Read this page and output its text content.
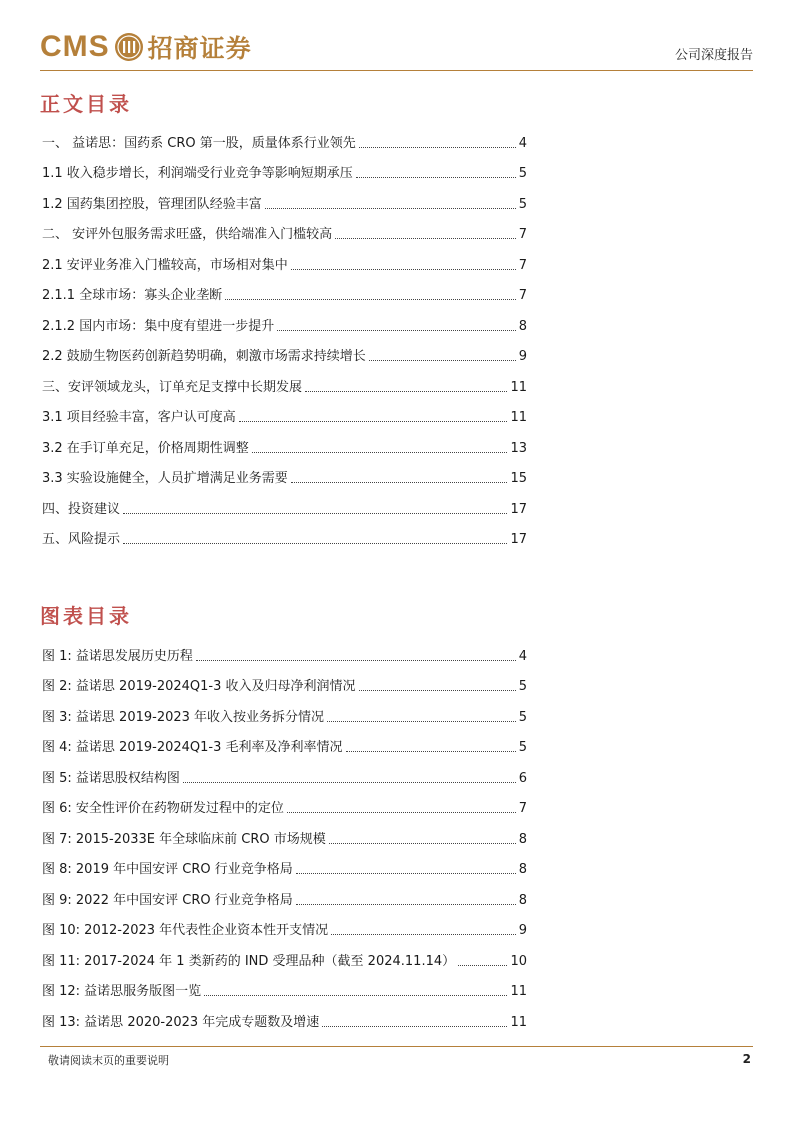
CMS 招商证券	公司深度报告
正文目录
一、 益诺思：国药系 CRO 第一股，质量体系行业领先	4
1.1 收入稳步增长，利润端受行业竞争等影响短期承压	5
1.2 国药集团控股，管理团队经验丰富	5
二、 安评外包服务需求旺盛，供给端准入门槛较高	7
2.1 安评业务准入门槛较高，市场相对集中	7
2.1.1 全球市场：寡头企业垄断	7
2.1.2 国内市场：集中度有望进一步提升	8
2.2 鼓励生物医药创新趋势明确，刺激市场需求持续增长	9
三、安评领域龙头，订单充足支撑中长期发展	11
3.1 项目经验丰富，客户认可度高	11
3.2 在手订单充足，价格周期性调整	13
3.3 实验设施健全，人员扩增满足业务需要	15
四、投资建议	17
五、风险提示	17
图表目录
图 1: 益诺思发展历史历程	4
图 2: 益诺思 2019-2024Q1-3 收入及归母净利润情况	5
图 3: 益诺思 2019-2023 年收入按业务拆分情况	5
图 4: 益诺思 2019-2024Q1-3 毛利率及净利率情况	5
图 5: 益诺思股权结构图	6
图 6: 安全性评价在药物研发过程中的定位	7
图 7: 2015-2033E 年全球临床前 CRO 市场规模	8
图 8: 2019 年中国安评 CRO 行业竞争格局	8
图 9: 2022 年中国安评 CRO 行业竞争格局	8
图 10: 2012-2023 年代表性企业资本性开支情况	9
图 11: 2017-2024 年 1 类新药的 IND 受理品种（截至 2024.11.14）	10
图 12: 益诺思服务版图一览	11
图 13: 益诺思 2020-2023 年完成专题数及增速	11
敬请阅读末页的重要说明	2
